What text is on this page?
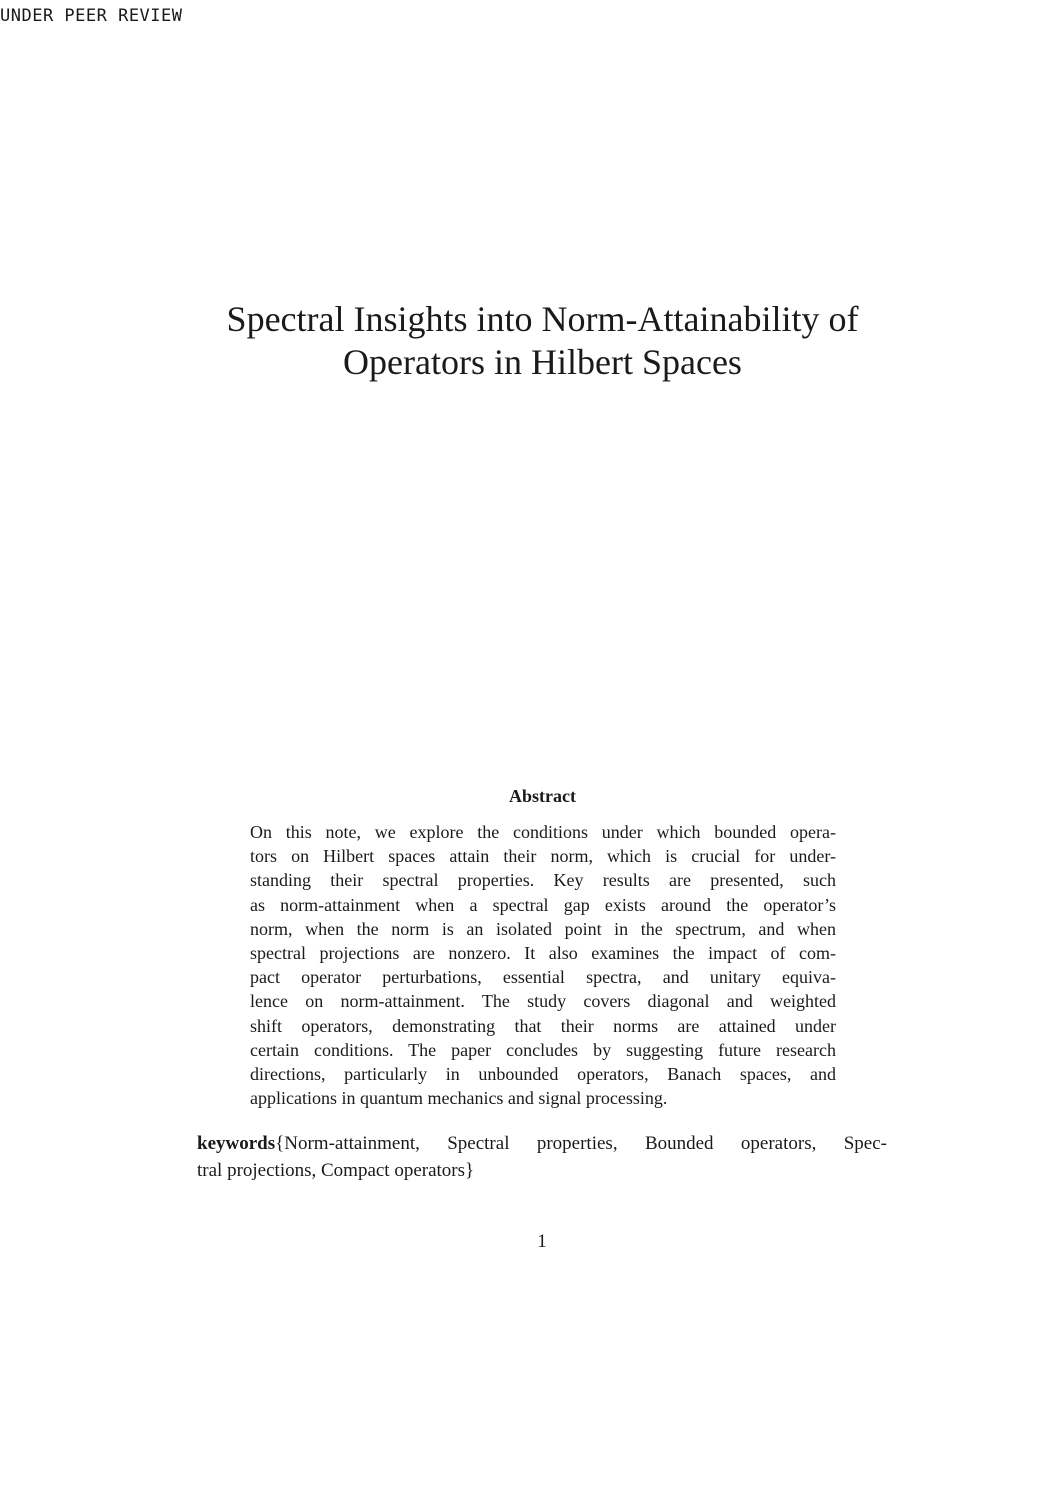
UNDER PEER REVIEW
Spectral Insights into Norm-Attainability of
Operators in Hilbert Spaces
Abstract
On this note, we explore the conditions under which bounded opera-
tors on Hilbert spaces attain their norm, which is crucial for under-
standing their spectral properties. Key results are presented, such
as norm-attainment when a spectral gap exists around the operator’s
norm, when the norm is an isolated point in the spectrum, and when
spectral projections are nonzero. It also examines the impact of com-
pact operator perturbations, essential spectra, and unitary equiva-
lence on norm-attainment. The study covers diagonal and weighted
shift operators, demonstrating that their norms are attained under
certain conditions. The paper concludes by suggesting future research
directions, particularly in unbounded operators, Banach spaces, and
applications in quantum mechanics and signal processing.
keywords{Norm-attainment, Spectral properties, Bounded operators, Spec-
tral projections, Compact operators}
1
